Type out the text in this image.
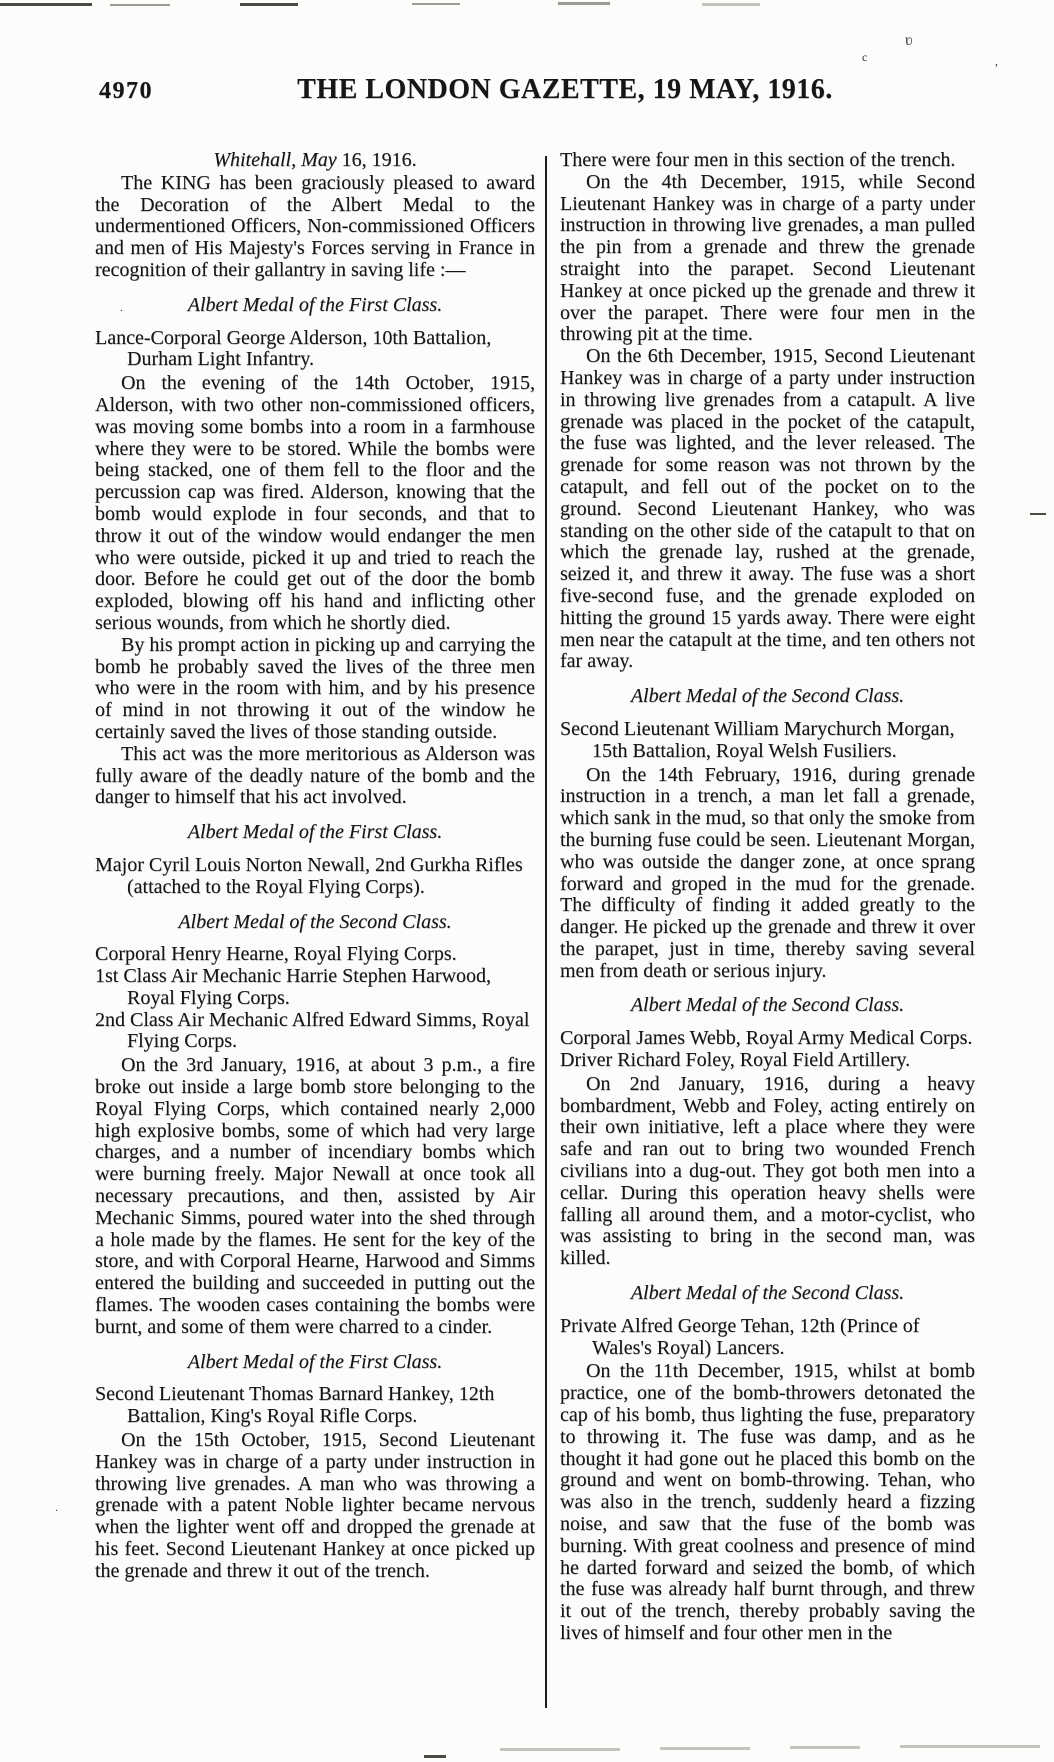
ʋ
c	,
.
.
4970	THE LONDON GAZETTE, 19 MAY, 1916.

Whitehall, May 16, 1916.

The KING has been graciously pleased to award the Decoration of the Albert Medal to the undermentioned Officers, Non-commissioned Officers and men of His Majesty's Forces serving in France in recognition of their gallantry in saving life :—

Albert Medal of the First Class.

Lance-Corporal George Alderson, 10th Battalion, Durham Light Infantry.

On the evening of the 14th October, 1915, Alderson, with two other non-commissioned officers, was moving some bombs into a room in a farmhouse where they were to be stored. While the bombs were being stacked, one of them fell to the floor and the percussion cap was fired. Alderson, knowing that the bomb would explode in four seconds, and that to throw it out of the window would endanger the men who were outside, picked it up and tried to reach the door. Before he could get out of the door the bomb exploded, blowing off his hand and inflicting other serious wounds, from which he shortly died.

By his prompt action in picking up and carrying the bomb he probably saved the lives of the three men who were in the room with him, and by his presence of mind in not throwing it out of the window he certainly saved the lives of those standing outside.

This act was the more meritorious as Alderson was fully aware of the deadly nature of the bomb and the danger to himself that his act involved.

Albert Medal of the First Class.

Major Cyril Louis Norton Newall, 2nd Gurkha Rifles (attached to the Royal Flying Corps).

Albert Medal of the Second Class.

Corporal Henry Hearne, Royal Flying Corps.

1st Class Air Mechanic Harrie Stephen Harwood, Royal Flying Corps.

2nd Class Air Mechanic Alfred Edward Simms, Royal Flying Corps.

On the 3rd January, 1916, at about 3 p.m., a fire broke out inside a large bomb store belonging to the Royal Flying Corps, which contained nearly 2,000 high explosive bombs, some of which had very large charges, and a number of incendiary bombs which were burning freely. Major Newall at once took all necessary precautions, and then, assisted by Air Mechanic Simms, poured water into the shed through a hole made by the flames. He sent for the key of the store, and with Corporal Hearne, Harwood and Simms entered the building and succeeded in putting out the flames. The wooden cases containing the bombs were burnt, and some of them were charred to a cinder.

Albert Medal of the First Class.

Second Lieutenant Thomas Barnard Hankey, 12th Battalion, King's Royal Rifle Corps.

On the 15th October, 1915, Second Lieutenant Hankey was in charge of a party under instruction in throwing live grenades. A man who was throwing a grenade with a patent Noble lighter became nervous when the lighter went off and dropped the grenade at his feet. Second Lieutenant Hankey at once picked up the grenade and threw it out of the trench.

There were four men in this section of the trench.

On the 4th December, 1915, while Second Lieutenant Hankey was in charge of a party under instruction in throwing live grenades, a man pulled the pin from a grenade and threw the grenade straight into the parapet. Second Lieutenant Hankey at once picked up the grenade and threw it over the parapet. There were four men in the throwing pit at the time.

On the 6th December, 1915, Second Lieutenant Hankey was in charge of a party under instruction in throwing live grenades from a catapult. A live grenade was placed in the pocket of the catapult, the fuse was lighted, and the lever released. The grenade for some reason was not thrown by the catapult, and fell out of the pocket on to the ground. Second Lieutenant Hankey, who was standing on the other side of the catapult to that on which the grenade lay, rushed at the grenade, seized it, and threw it away. The fuse was a short five-second fuse, and the grenade exploded on hitting the ground 15 yards away. There were eight men near the catapult at the time, and ten others not far away.

Albert Medal of the Second Class.

Second Lieutenant William Marychurch Morgan, 15th Battalion, Royal Welsh Fusiliers.

On the 14th February, 1916, during grenade instruction in a trench, a man let fall a grenade, which sank in the mud, so that only the smoke from the burning fuse could be seen. Lieutenant Morgan, who was outside the danger zone, at once sprang forward and groped in the mud for the grenade. The difficulty of finding it added greatly to the danger. He picked up the grenade and threw it over the parapet, just in time, thereby saving several men from death or serious injury.

Albert Medal of the Second Class.

Corporal James Webb, Royal Army Medical Corps.

Driver Richard Foley, Royal Field Artillery.

On 2nd January, 1916, during a heavy bombardment, Webb and Foley, acting entirely on their own initiative, left a place where they were safe and ran out to bring two wounded French civilians into a dug-out. They got both men into a cellar. During this operation heavy shells were falling all around them, and a motor-cyclist, who was assisting to bring in the second man, was killed.

Albert Medal of the Second Class.

Private Alfred George Tehan, 12th (Prince of Wales's Royal) Lancers.

On the 11th December, 1915, whilst at bomb practice, one of the bomb-throwers detonated the cap of his bomb, thus lighting the fuse, preparatory to throwing it. The fuse was damp, and as he thought it had gone out he placed this bomb on the ground and went on bomb-throwing. Tehan, who was also in the trench, suddenly heard a fizzing noise, and saw that the fuse of the bomb was burning. With great coolness and presence of mind he darted forward and seized the bomb, of which the fuse was already half burnt through, and threw it out of the trench, thereby probably saving the lives of himself and four other men in the
